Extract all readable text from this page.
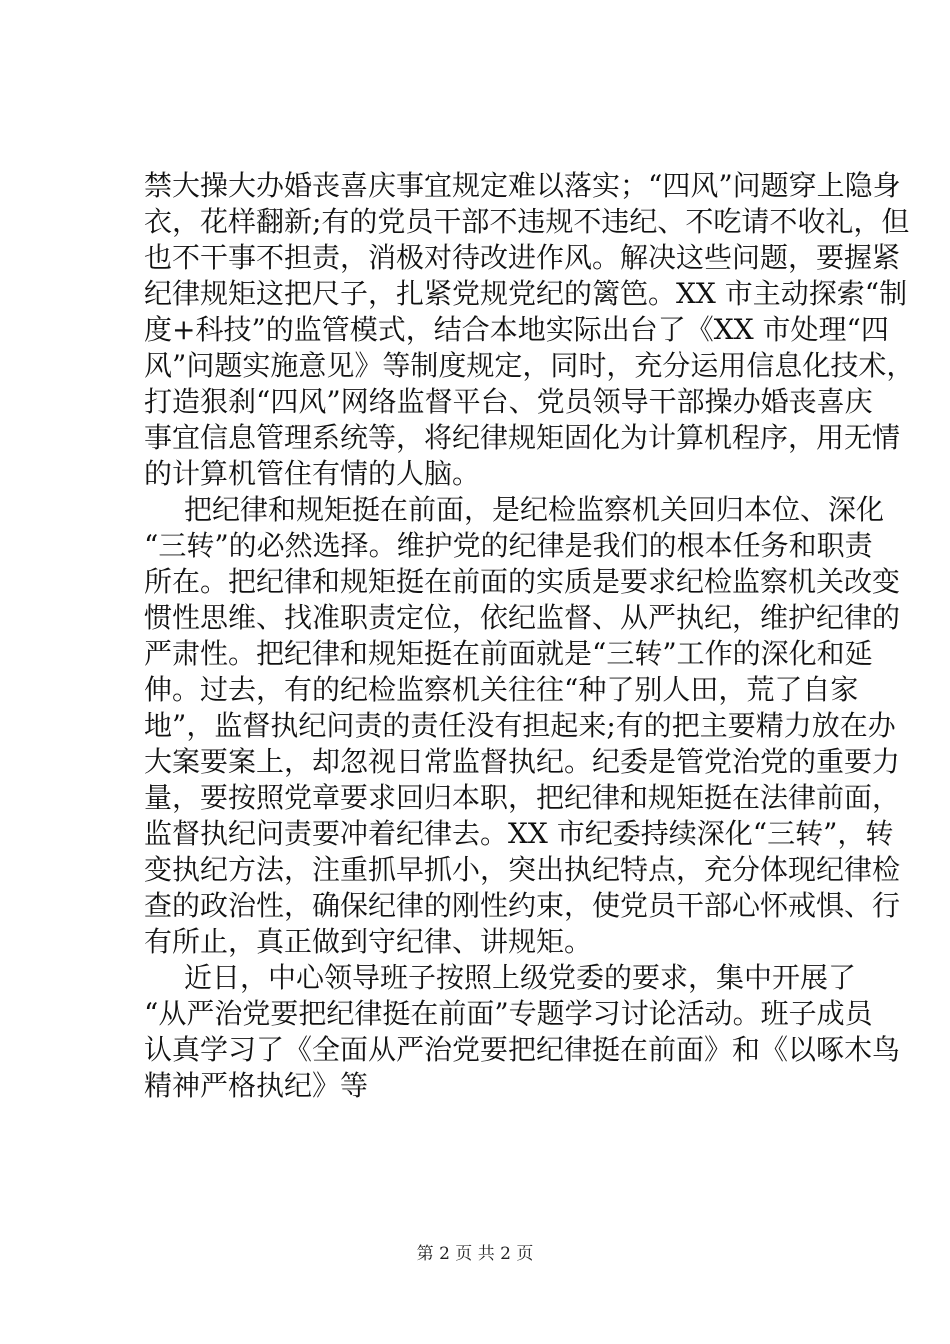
禁大操大办婚丧喜庆事宜规定难以落实；“四风”问题穿上隐身
衣，花样翻新;有的党员干部不违规不违纪、不吃请不收礼，但
也不干事不担责，消极对待改进作风。解决这些问题，要握紧
纪律规矩这把尺子，扎紧党规党纪的篱笆。XX 市主动探索“制
度+科技”的监管模式，结合本地实际出台了《XX 市处理“四
风”问题实施意见》等制度规定，同时，充分运用信息化技术，
打造狠刹“四风”网络监督平台、党员领导干部操办婚丧喜庆
事宜信息管理系统等，将纪律规矩固化为计算机程序，用无情
的计算机管住有情的人脑。
把纪律和规矩挺在前面，是纪检监察机关回归本位、深化
“三转”的必然选择。维护党的纪律是我们的根本任务和职责
所在。把纪律和规矩挺在前面的实质是要求纪检监察机关改变
惯性思维、找准职责定位，依纪监督、从严执纪，维护纪律的
严肃性。把纪律和规矩挺在前面就是“三转”工作的深化和延
伸。过去，有的纪检监察机关往往“种了别人田，荒了自家
地”，监督执纪问责的责任没有担起来;有的把主要精力放在办
大案要案上，却忽视日常监督执纪。纪委是管党治党的重要力
量，要按照党章要求回归本职，把纪律和规矩挺在法律前面，
监督执纪问责要冲着纪律去。XX 市纪委持续深化“三转”，转
变执纪方法，注重抓早抓小，突出执纪特点，充分体现纪律检
查的政治性，确保纪律的刚性约束，使党员干部心怀戒惧、行
有所止，真正做到守纪律、讲规矩。
近日，中心领导班子按照上级党委的要求，集中开展了
“从严治党要把纪律挺在前面”专题学习讨论活动。班子成员
认真学习了《全面从严治党要把纪律挺在前面》和《以啄木鸟
精神严格执纪》等
第 2 页 共 2 页
